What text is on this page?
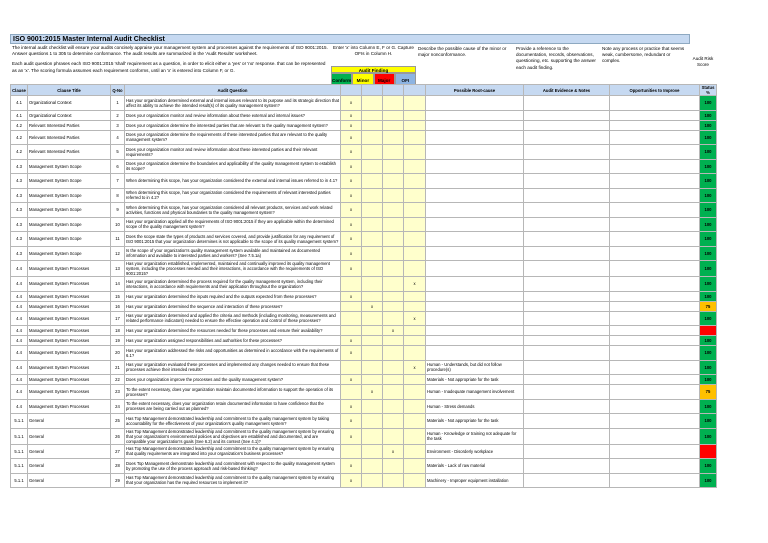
ISO 9001:2015 Master Internal Audit Checklist
The internal audit checklist will ensure your audits concisely appraise your management system and processes against the requirements of ISO 9001:2015. Answer questions 1 to 305 to determine conformance. The audit results are summarized in the 'Audit Results' worksheet.
Each audit question phrases each ISO 9001:2015 'shall' requirement as a question, in order to elicit either a 'yes' or 'no' response. that can be represented as an 'x'. The scoring formula assumes each requirement conforms, until an 'x' is entered into Column F, or G.
Enter 'x' into Column E, F or G. Capture OFIs in Column H.
Audit Finding
Conform	Minor	Major	OFI
Describe the possible cause of the minor or major nonconformance.
Provide a reference to the documentation, records, observations, questioning, etc. supporting the answer each audit finding.
Note any process or practice that seems weak, cumbersome, redundant or complex.	Audit Risk Score
Clause	Clause Title	Q-No	Audit Question					Possible Root-cause	Audit Evidence & Notes	Opportunities to Improve	Status %
4.1	Organizational Context	1	Has your organization determined external and internal issues relevant to its purpose and its strategic direction that affect its ability to achieve the intended result(s) of its quality management system?	x							100
4.1	Organizational Context	2	Does your organization monitor and review information about these external and internal issues?	x							100
4.2	Relevant Interested Parties	3	Does your organization determine the interested parties that are relevant to the quality management system?	x							100
4.2	Relevant Interested Parties	4	Does your organization determine the requirements of these interested parties that are relevant to the quality management system?	x							100
4.2	Relevant Interested Parties	5	Does your organization monitor and review information about these interested parties and their relevant requirements?	x							100
4.3	Management System Scope	6	Does your organization determine the boundaries and applicability of the quality management system to establish its scope?	x							100
4.3	Management System Scope	7	When determining this scope, has your organization considered the external and internal issues referred to in 4.1?	x							100
4.3	Management System Scope	8	When determining this scope, has your organization considered the requirements of relevant interested parties referred to in 4.2?	x							100
4.3	Management System Scope	9	When determining this scope, has your organization considered all relevant products, services and work related activities, functions and physical boundaries to the quality management system?	x							100
4.3	Management System Scope	10	Has your organization applied all the requirements of ISO 9001:2015 if they are applicable within the determined scope of the quality management system?	x							100
4.3	Management System Scope	11	Does the scope state the types of products and services covered, and provide justification for any requirement of ISO 9001:2015 that your organization determines is not applicable to the scope of its quality management system?	x							100
4.3	Management System Scope	12	Is the scope of your organization's quality management system available and maintained as documented information and available to interested parties and workers? (See 7.5.1a)	x							100
4.4	Management System Processes	13	Has your organization established, implemented, maintained and continually improved its quality management system, including the processes needed and their interactions, in accordance with the requirements of ISO 9001:2015?	x							100
4.4	Management System Processes	14	Has your organization determined the process required for the quality management system, including their interactions, in accordance with requirements and their application throughout the organization?				x				100
4.4	Management System Processes	15	Has your organization determined the inputs required and the outputs expected from these processes?	x							100
4.4	Management System Processes	16	Has your organization determined the sequence and interaction of these processes?		x						75
4.4	Management System Processes	17	Has your organization determined and applied the criteria and methods (including monitoring, measurements and related performance indicators) needed to ensure the effective operation and control of these processes?				x				100
4.4	Management System Processes	18	Has your organization determined the resources needed for these processes and ensure their availability?			x					0
4.4	Management System Processes	19	Has your organization assigned responsibilities and authorities for these processes?	x							100
4.4	Management System Processes	20	Has your organization addressed the risks and opportunities as determined in accordance with the requirements of 6.1?	x							100
4.4	Management System Processes	21	Has your organization evaluated these processes and implemented any changes needed to ensure that these processes achieve their intended results?				x	Human - Understands, but did not follow procedure(s)			100
4.4	Management System Processes	22	Does your organization improve the processes and the quality management system?	x				Materials - Not appropriate for the task			100
4.4	Management System Processes	23	To the extent necessary, does your organization maintain documented information to support the operation of its processes?		x			Human - Inadequate management involvement			75
4.4	Management System Processes	24	To the extent necessary, does your organization retain documented information to have confidence that the processes are being carried out as planned?	x				Human - Stress demands			100
5.1.1	General	25	Has Top Management demonstrated leadership and commitment to the quality management system by taking accountability for the effectiveness of your organization's quality management system?	x				Materials - Not appropriate for the task			100
5.1.1	General	26	Has Top Management demonstrated leadership and commitment to the quality management system by ensuring that your organization's environmental policies and objectives are established and documented, and are compatible your organization's goals (See 6.2) and its context (See 4.1)?	x				Human - Knowledge or training not adequate for the task			100
5.1.1	General	27	Has Top Management demonstrated leadership and commitment to the quality management system by ensuring that quality requirements are integrated into your organization's business processes?			x		Environment - Disorderly workplace			0
5.1.1	General	28	Does Top Management demonstrate leadership and commitment with respect to the quality management system by promoting the use of the process approach and risk-based thinking?	x				Materials - Lack of raw material			100
5.1.1	General	29	Has Top Management demonstrated leadership and commitment to the quality management system by ensuring that your organization has the required resources to implement it?	x				Machinery - Improper equipment installation			100
